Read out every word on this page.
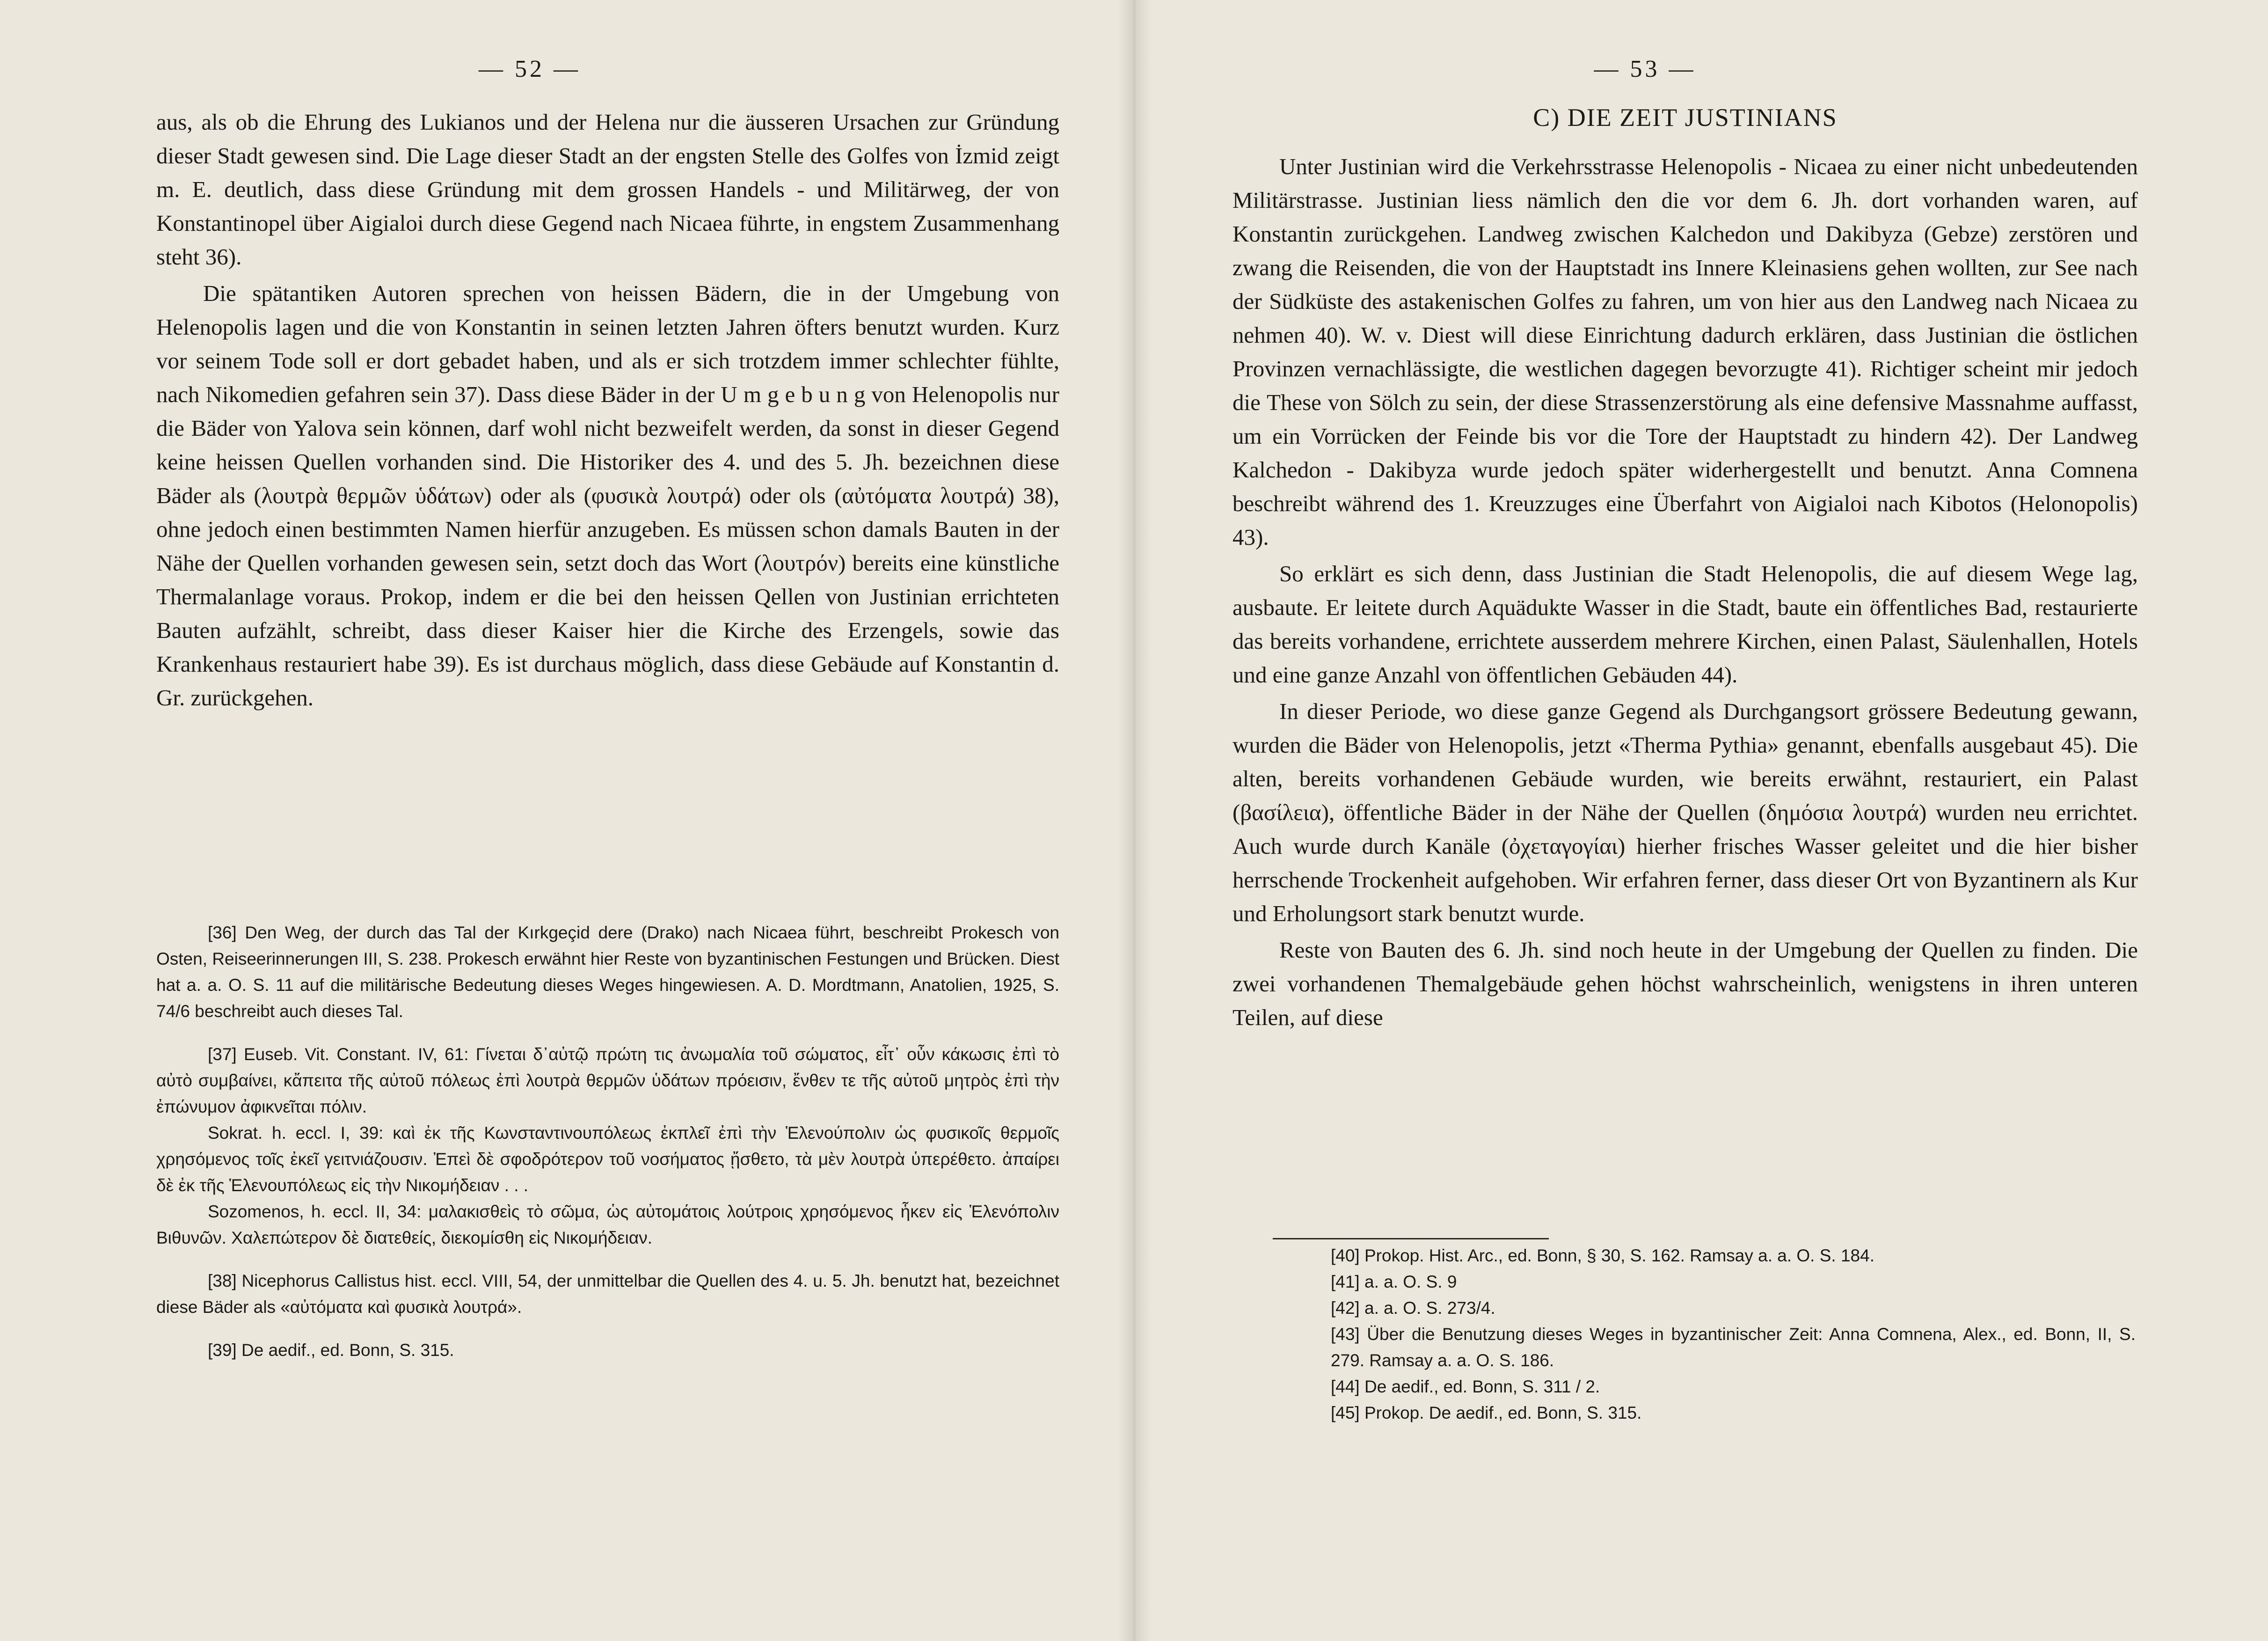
— 52 —

aus, als ob die Ehrung des Lukianos und der Helena nur die äusseren Ursachen zur Gründung dieser Stadt gewesen sind. Die Lage dieser Stadt an der engsten Stelle des Golfes von İzmid zeigt m. E. deutlich, dass diese Gründung mit dem grossen Handels - und Militärweg, der von Konstantinopel über Aigialoi durch diese Gegend nach Nicaea führte, in engstem Zusammenhang steht 36).

Die spätantiken Autoren sprechen von heissen Bädern, die in der Umgebung von Helenopolis lagen und die von Konstantin in seinen letzten Jahren öfters benutzt wurden. Kurz vor seinem Tode soll er dort gebadet haben, und als er sich trotzdem immer schlechter fühlte, nach Nikomedien gefahren sein 37). Dass diese Bäder in der U m g e b u n g von Helenopolis nur die Bäder von Yalova sein können, darf wohl nicht bezweifelt werden, da sonst in dieser Gegend keine heissen Quellen vorhanden sind. Die Historiker des 4. und des 5. Jh. bezeichnen diese Bäder als (λουτρὰ θερμῶν ὑδάτων) oder als (φυσικὰ λουτρά) oder ols (αὐτόματα λουτρά) 38), ohne jedoch einen bestimmten Namen hierfür anzugeben. Es müssen schon damals Bauten in der Nähe der Quellen vorhanden gewesen sein, setzt doch das Wort (λουτρόν) bereits eine künstliche Thermalanlage voraus. Prokop, indem er die bei den heissen Qellen von Justinian errichteten Bauten aufzählt, schreibt, dass dieser Kaiser hier die Kirche des Erzengels, sowie das Krankenhaus restauriert habe 39). Es ist durchaus möglich, dass diese Gebäude auf Konstantin d. Gr. zurückgehen.

[36] Den Weg, der durch das Tal der Kırkgeçid dere (Drako) nach Nicaea führt, beschreibt Prokesch von Osten, Reiseerinnerungen III, S. 238. Prokesch erwähnt hier Reste von byzantinischen Festungen und Brücken. Diest hat a. a. O. S. 11 auf die militärische Bedeutung dieses Weges hingewiesen. A. D. Mordtmann, Anatolien, 1925, S. 74/6 beschreibt auch dieses Tal.

[37] Euseb. Vit. Constant. IV, 61: Γίνεται δ᾽αὐτῷ πρώτη τις ἀνωμαλία τοῦ σώματος, εἶτ᾽ οὖν κάκωσις ἐπὶ τὸ αὐτὸ συμβαίνει, κἄπειτα τῆς αὐτοῦ πόλεως ἐπὶ λουτρὰ θερμῶν ὑδάτων πρόεισιν, ἔνθεν τε τῆς αὐτοῦ μητρὸς ἐπὶ τὴν ἐπώνυμον ἀφικνεῖται πόλιν.
Sokrat. h. eccl. I, 39: καὶ ἐκ τῆς Κωνσταντινουπόλεως ἐκπλεῖ ἐπὶ τὴν Ἑλενούπολιν ὡς φυσικοῖς θερμοῖς χρησόμενος τοῖς ἐκεῖ γειτνιάζουσιν. Ἐπεὶ δὲ σφοδρότερον τοῦ νοσήματος ᾔσθετο, τὰ μὲν λουτρὰ ὑπερέθετο. ἀπαίρει δὲ ἐκ τῆς Ἑλενουπόλεως εἰς τὴν Νικομήδειαν . . .
Sozomenos, h. eccl. II, 34: μαλακισθεὶς τὸ σῶμα, ὡς αὐτομάτοις λούτροις χρησόμενος ἧκεν εἰς Ἑλενόπολιν Βιθυνῶν. Χαλεπώτερον δὲ διατεθείς, διεκομίσθη εἰς Νικομήδειαν.

[38] Nicephorus Callistus hist. eccl. VIII, 54, der unmittelbar die Quellen des 4. u. 5. Jh. benutzt hat, bezeichnet diese Bäder als «αὐτόματα καὶ φυσικὰ λουτρά».

[39] De aedif., ed. Bonn, S. 315.

— 53 —
C) DIE ZEIT JUSTINIANS

Unter Justinian wird die Verkehrsstrasse Helenopolis - Nicaea zu einer nicht unbedeutenden Militärstrasse. Justinian liess nämlich den die vor dem 6. Jh. dort vorhanden waren, auf Konstantin zurückgehen. Landweg zwischen Kalchedon und Dakibyza (Gebze) zerstören und zwang die Reisenden, die von der Hauptstadt ins Innere Kleinasiens gehen wollten, zur See nach der Südküste des astakenischen Golfes zu fahren, um von hier aus den Landweg nach Nicaea zu nehmen 40). W. v. Diest will diese Einrichtung dadurch erklären, dass Justinian die östlichen Provinzen vernachlässigte, die westlichen dagegen bevorzugte 41). Richtiger scheint mir jedoch die These von Sölch zu sein, der diese Strassenzerstörung als eine defensive Massnahme auffasst, um ein Vorrücken der Feinde bis vor die Tore der Hauptstadt zu hindern 42). Der Landweg Kalchedon - Dakibyza wurde jedoch später widerhergestellt und benutzt. Anna Comnena beschreibt während des 1. Kreuzzuges eine Überfahrt von Aigialoi nach Kibotos (Helonopolis) 43).

So erklärt es sich denn, dass Justinian die Stadt Helenopolis, die auf diesem Wege lag, ausbaute. Er leitete durch Aquädukte Wasser in die Stadt, baute ein öffentliches Bad, restaurierte das bereits vorhandene, errichtete ausserdem mehrere Kirchen, einen Palast, Säulenhallen, Hotels und eine ganze Anzahl von öffentlichen Gebäuden 44).

In dieser Periode, wo diese ganze Gegend als Durchgangsort grössere Bedeutung gewann, wurden die Bäder von Helenopolis, jetzt «Therma Pythia» genannt, ebenfalls ausgebaut 45). Die alten, bereits vorhandenen Gebäude wurden, wie bereits erwähnt, restauriert, ein Palast (βασίλεια), öffentliche Bäder in der Nähe der Quellen (δημόσια λουτρά) wurden neu errichtet. Auch wurde durch Kanäle (ὀχεταγογίαι) hierher frisches Wasser geleitet und die hier bisher herrschende Trockenheit aufgehoben. Wir erfahren ferner, dass dieser Ort von Byzantinern als Kur und Erholungsort stark benutzt wurde.

Reste von Bauten des 6. Jh. sind noch heute in der Umgebung der Quellen zu finden. Die zwei vorhandenen Themalgebäude gehen höchst wahrscheinlich, wenigstens in ihren unteren Teilen, auf diese

[40] Prokop. Hist. Arc., ed. Bonn, § 30, S. 162. Ramsay a. a. O. S. 184.

[41] a. a. O. S. 9

[42] a. a. O. S. 273/4.

[43] Über die Benutzung dieses Weges in byzantinischer Zeit: Anna Comnena, Alex., ed. Bonn, II, S. 279. Ramsay a. a. O. S. 186.

[44] De aedif., ed. Bonn, S. 311 / 2.

[45] Prokop. De aedif., ed. Bonn, S. 315.
